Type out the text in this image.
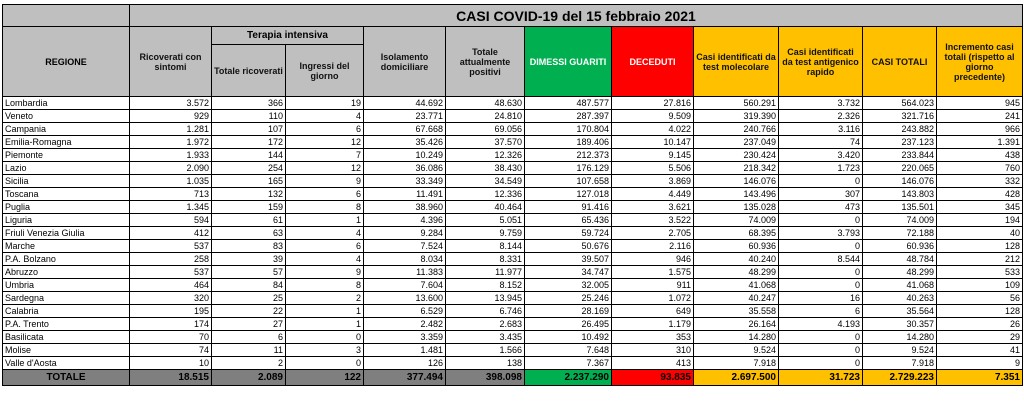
	CASI COVID-19 del 15 febbraio 2021										
REGIONE	Ricoverati con sintomi	Terapia intensiva		Isolamento domiciliare	Totale attualmente positivi	DIMESSI GUARITI	DECEDUTI	Casi identificati da test molecolare	Casi identificati da test antigenico rapido	CASI TOTALI	Incremento casi totali (rispetto al giorno precedente)
		Totale ricoverati	Ingressi del giorno								
Lombardia	3.572	366	19	44.692	48.630	487.577	27.816	560.291	3.732	564.023	945
Veneto	929	110	4	23.771	24.810	287.397	9.509	319.390	2.326	321.716	241
Campania	1.281	107	6	67.668	69.056	170.804	4.022	240.766	3.116	243.882	966
Emilia-Romagna	1.972	172	12	35.426	37.570	189.406	10.147	237.049	74	237.123	1.391
Piemonte	1.933	144	7	10.249	12.326	212.373	9.145	230.424	3.420	233.844	438
Lazio	2.090	254	12	36.086	38.430	176.129	5.506	218.342	1.723	220.065	760
Sicilia	1.035	165	9	33.349	34.549	107.658	3.869	146.076	0	146.076	332
Toscana	713	132	6	11.491	12.336	127.018	4.449	143.496	307	143.803	428
Puglia	1.345	159	8	38.960	40.464	91.416	3.621	135.028	473	135.501	345
Liguria	594	61	1	4.396	5.051	65.436	3.522	74.009	0	74.009	194
Friuli Venezia Giulia	412	63	4	9.284	9.759	59.724	2.705	68.395	3.793	72.188	40
Marche	537	83	6	7.524	8.144	50.676	2.116	60.936	0	60.936	128
P.A. Bolzano	258	39	4	8.034	8.331	39.507	946	40.240	8.544	48.784	212
Abruzzo	537	57	9	11.383	11.977	34.747	1.575	48.299	0	48.299	533
Umbria	464	84	8	7.604	8.152	32.005	911	41.068	0	41.068	109
Sardegna	320	25	2	13.600	13.945	25.246	1.072	40.247	16	40.263	56
Calabria	195	22	1	6.529	6.746	28.169	649	35.558	6	35.564	128
P.A. Trento	174	27	1	2.482	2.683	26.495	1.179	26.164	4.193	30.357	26
Basilicata	70	6	0	3.359	3.435	10.492	353	14.280	0	14.280	29
Molise	74	11	3	1.481	1.566	7.648	310	9.524	0	9.524	41
Valle d'Aosta	10	2	0	126	138	7.367	413	7.918	0	7.918	9
TOTALE	18.515	2.089	122	377.494	398.098	2.237.290	93.835	2.697.500	31.723	2.729.223	7.351
